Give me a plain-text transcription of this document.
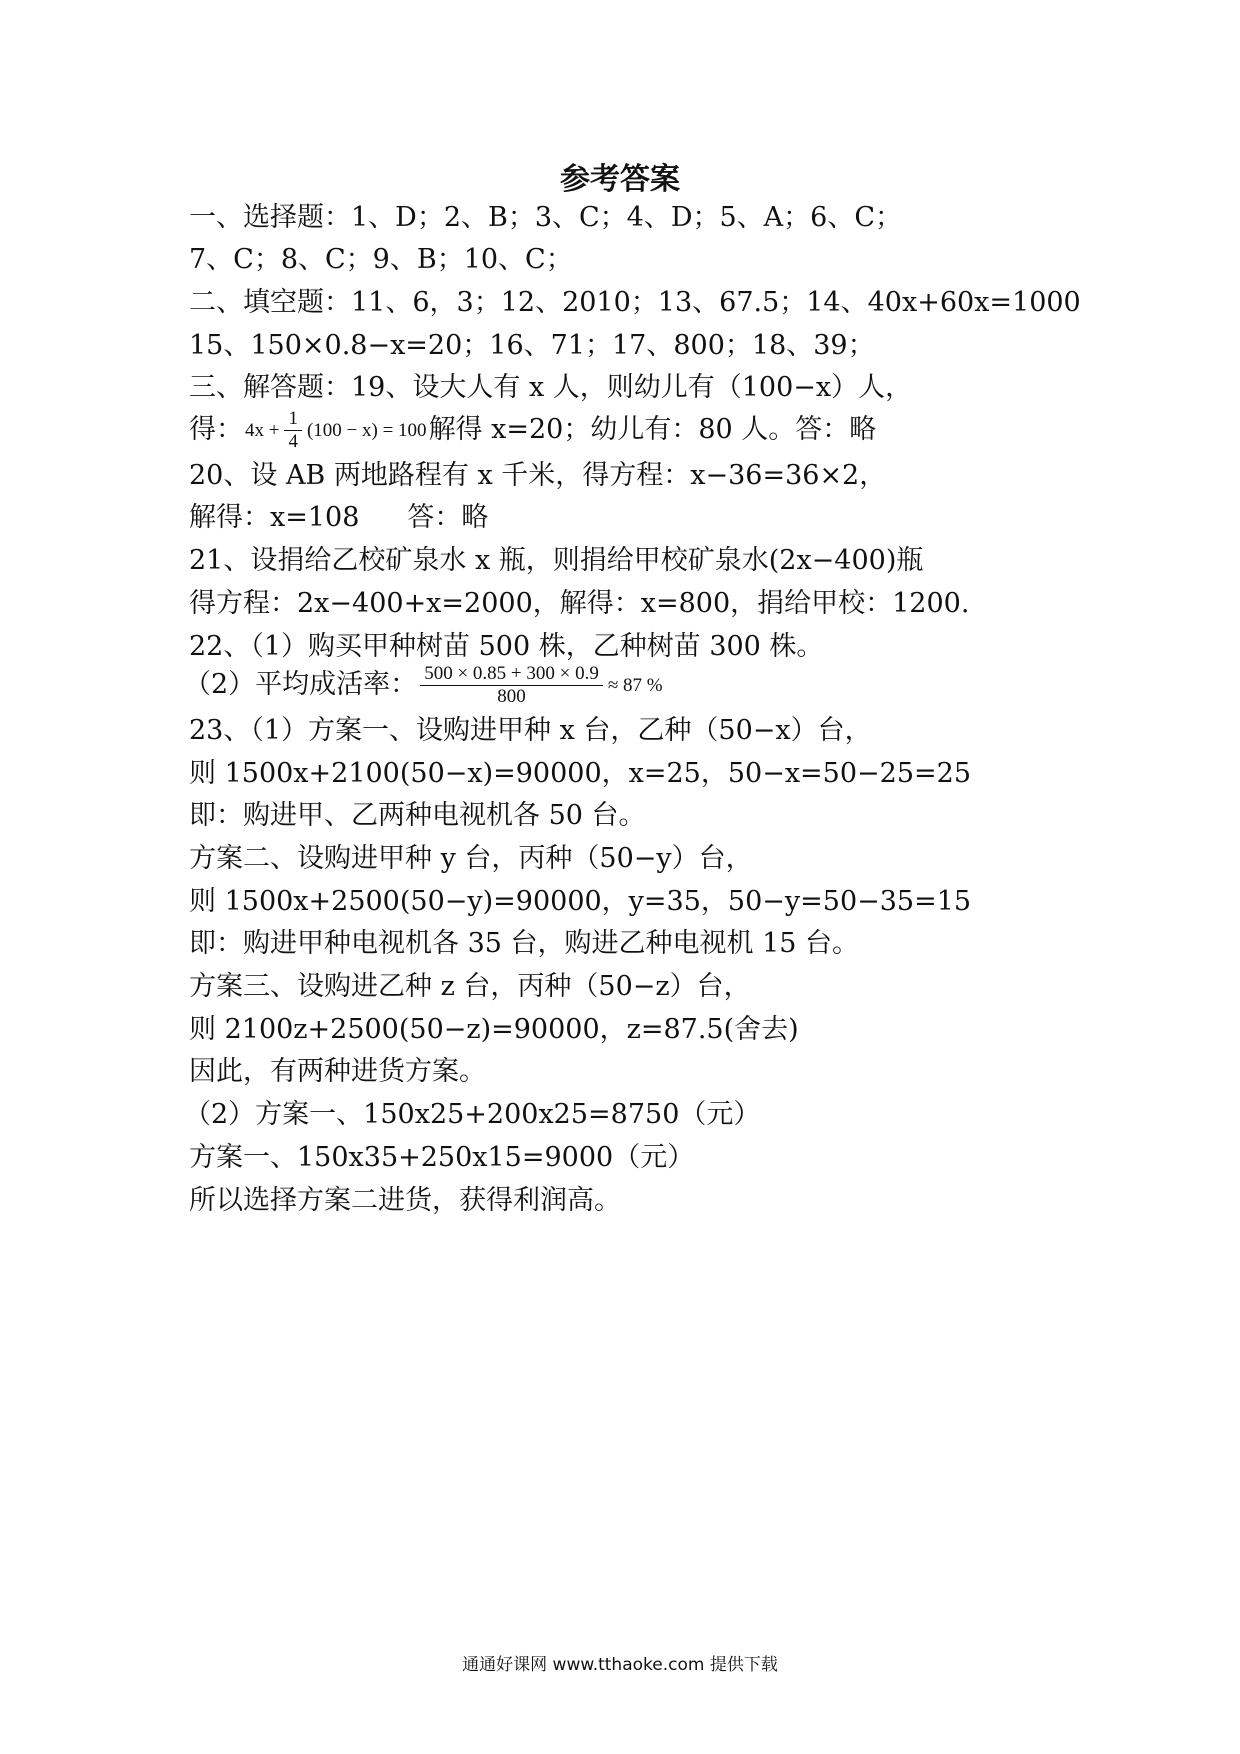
参考答案
一、选择题：1、D；2、B；3、C；4、D；5、A；6、C；
7、C；8、C；9、B；10、C；
二、填空题：11、6，3；12、2010；13、67.5；14、40x+60x=1000
15、150×0.8−x=20；16、71；17、800；18、39；
三、解答题：19、设大人有 x 人，则幼儿有（100−x）人，
得： $4x + \frac{1}{4} (100 - x) = 100$解得 x=20；幼儿有：80 人。答：略
20、设 AB 两地路程有 x 千米，得方程：x−36=36×2，
解得：x=108 答：略
21、设捐给乙校矿泉水 x 瓶，则捐给甲校矿泉水(2x−400)瓶
得方程：2x−400+x=2000，解得：x=800，捐给甲校：1200.
22、（1）购买甲种树苗 500 株，乙种树苗 300 株。
（2）平均成活率： $\frac{500 \times 0.85 + 300 \times 0.9}{800} \approx 87$ %
23、（1）方案一、设购进甲种 x 台，乙种（50−x）台，
则 1500x+2100(50−x)=90000，x=25，50−x=50−25=25
即：购进甲、乙两种电视机各 50 台。
方案二、设购进甲种 y 台，丙种（50−y）台，
则 1500x+2500(50−y)=90000，y=35，50−y=50−35=15
即：购进甲种电视机各 35 台，购进乙种电视机 15 台。
方案三、设购进乙种 z 台，丙种（50−z）台，
则 2100z+2500(50−z)=90000，z=87.5(舍去)
因此，有两种进货方案。
（2）方案一、150x25+200x25=8750（元）
方案一、150x35+250x15=9000（元）
所以选择方案二进货，获得利润高。
通通好课网 www.tthaoke.com 提供下载
